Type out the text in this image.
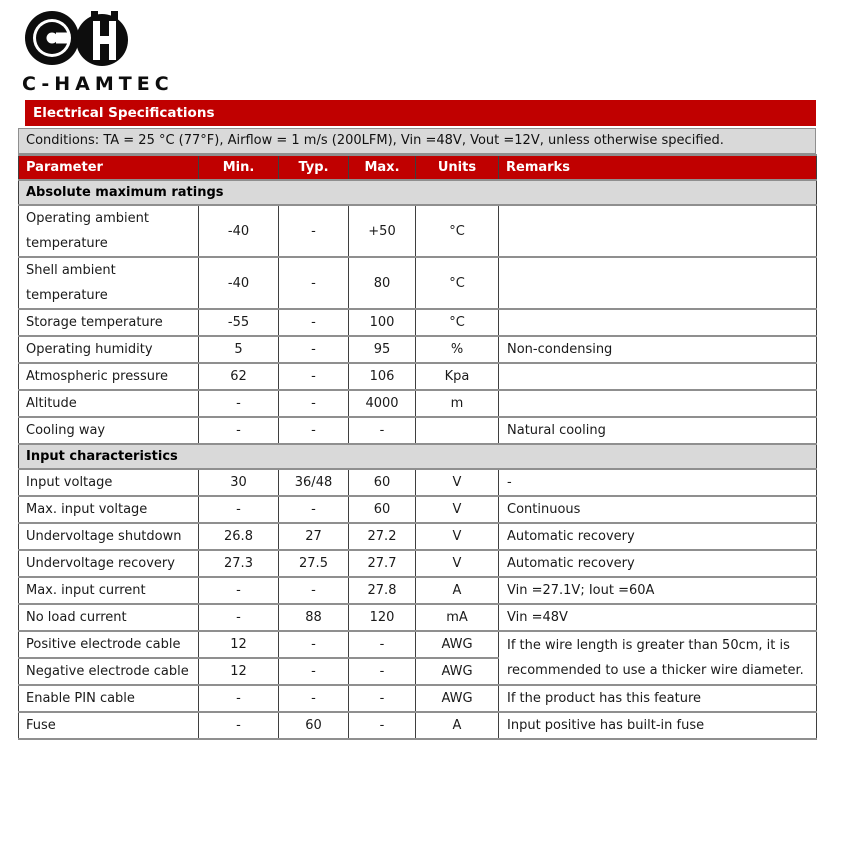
C-HAMTEC
Electrical Specifications
Conditions: TA = 25 °C (77°F), Airflow = 1 m/s (200LFM), Vin =48V, Vout =12V, unless otherwise specified.
Parameter	Min.	Typ.	Max.	Units	Remarks
Absolute maximum ratings					
Operating ambient temperature	-40	-	+50	°C	
Shell ambient temperature	-40	-	80	°C	
Storage temperature	-55	-	100	°C	
Operating humidity	5	-	95	%	Non-condensing
Atmospheric pressure	62	-	106	Kpa	
Altitude	-	-	4000	m	
Cooling way	-	-	-		Natural cooling
Input characteristics					
Input voltage	30	36/48	60	V	-
Max. input voltage	-	-	60	V	Continuous
Undervoltage shutdown	26.8	27	27.2	V	Automatic recovery
Undervoltage recovery	27.3	27.5	27.7	V	Automatic recovery
Max. input current	-	-	27.8	A	Vin =27.1V; Iout =60A
No load current	-	88	120	mA	Vin =48V
Positive electrode cable	12	-	-	AWG	If the wire length is greater than 50cm, it is recommended to use a thicker wire diameter.
Negative electrode cable	12	-	-	AWG	
Enable PIN cable	-	-	-	AWG	If the product has this feature
Fuse	-	60	-	A	Input positive has built-in fuse
